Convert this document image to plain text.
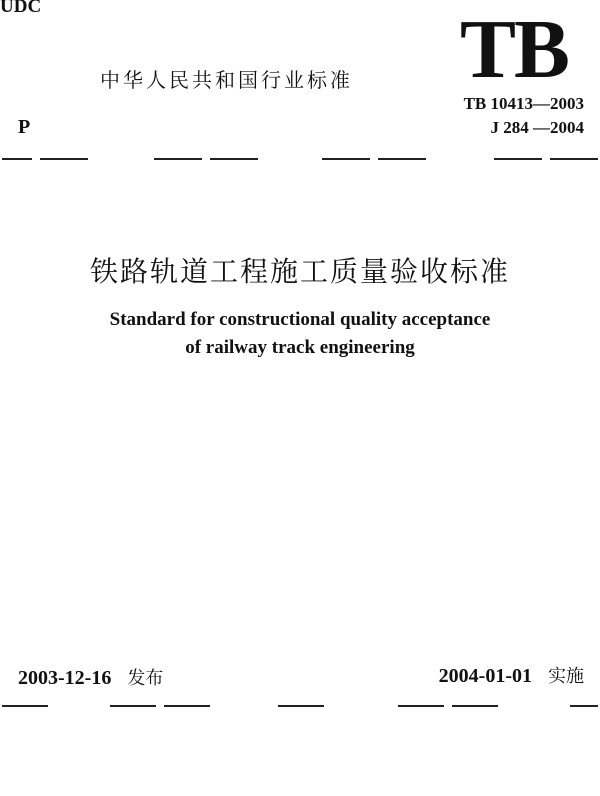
UDC	TB
中华人民共和国行业标准
TB 10413—2003
J 284 —2004
P
铁路轨道工程施工质量验收标准
Standard for constructional quality acceptance
of railway track engineering
2003-12-16 发布	2004-01-01 实施
